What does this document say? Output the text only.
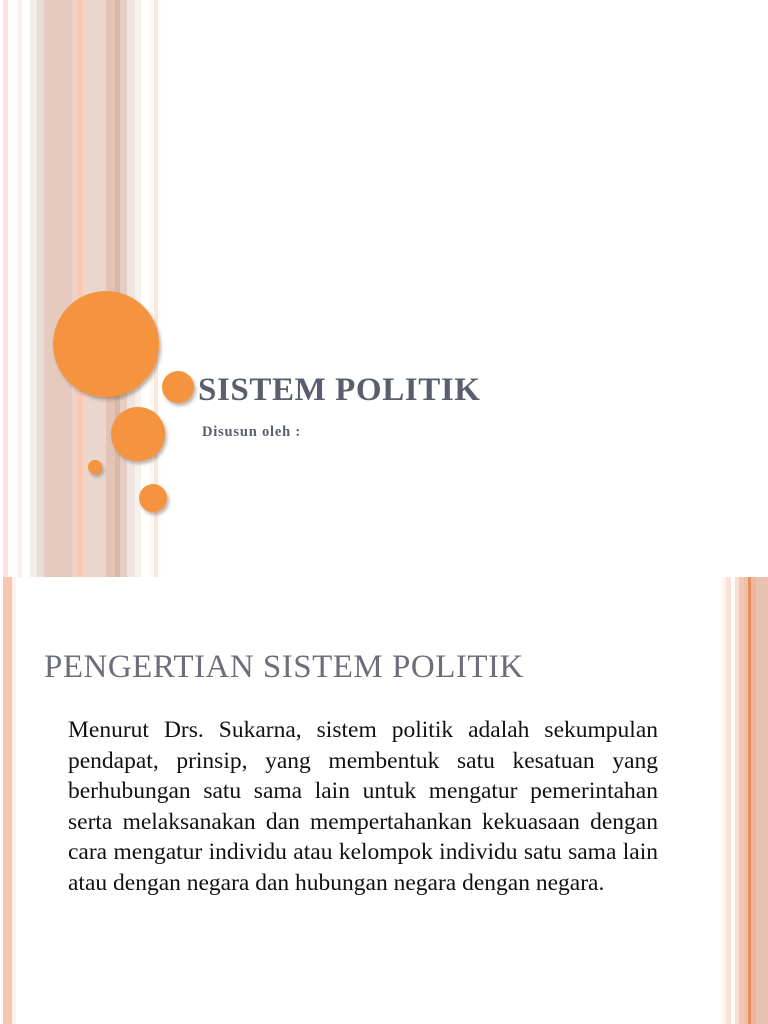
SISTEM POLITIK

Disusun oleh :

PENGERTIAN SISTEM POLITIK

Menurut Drs. Sukarna, sistem politik adalah sekumpulan pendapat, prinsip, yang membentuk satu kesatuan yang berhubungan satu sama lain untuk mengatur pemerintahan serta melaksanakan dan mempertahankan kekuasaan dengan cara mengatur individu atau kelompok individu satu sama lain atau dengan negara dan hubungan negara dengan negara.
